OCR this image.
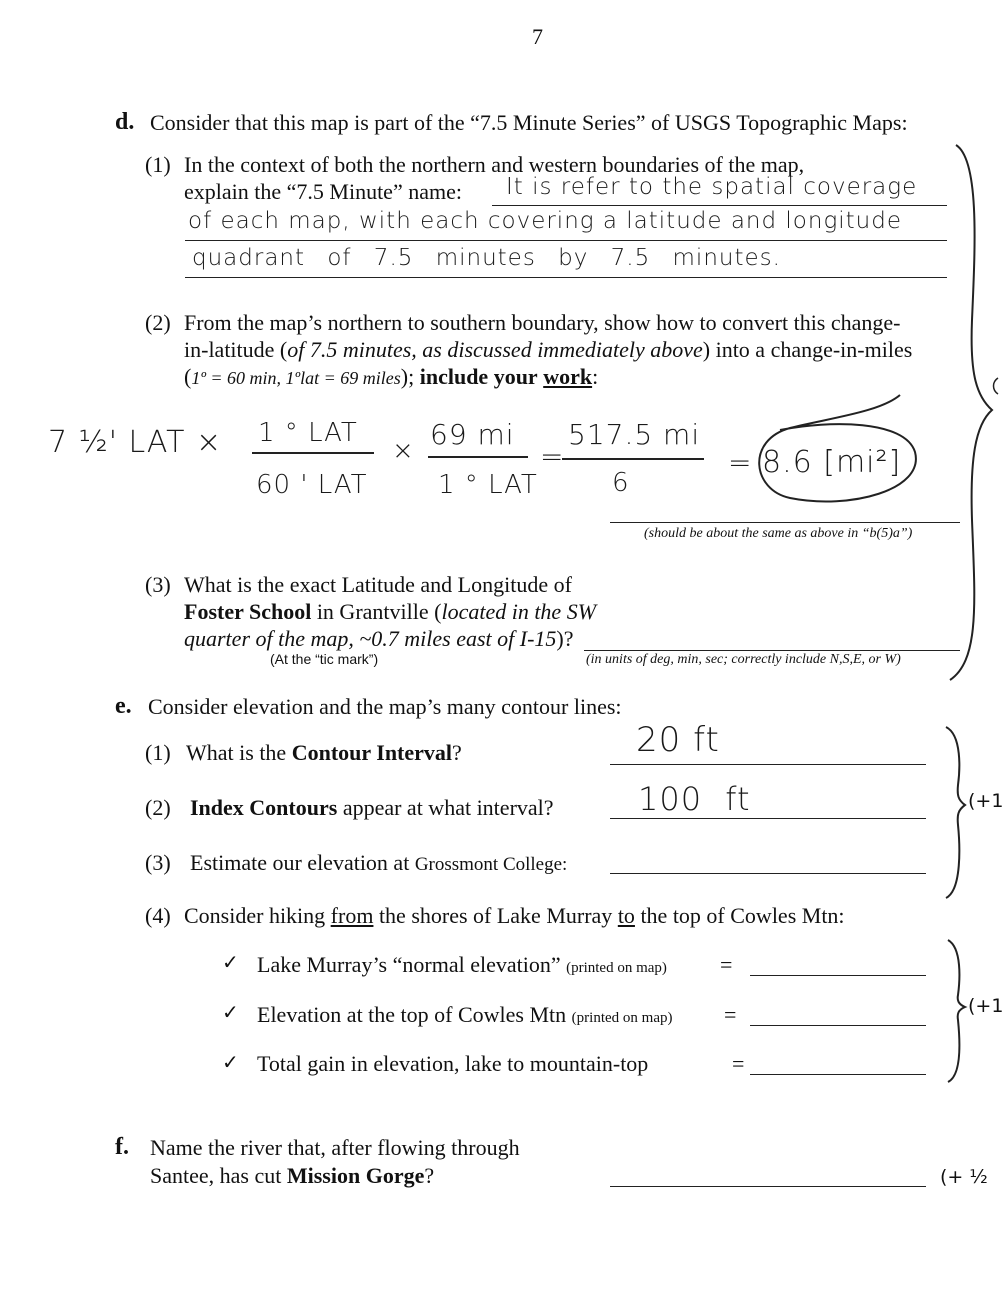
7
d. Consider that this map is part of the “7.5 Minute Series” of USGS Topographic Maps:
(1) In the context of both the northern and western boundaries of the map,
explain the “7.5 Minute” name: It is refer to the spatial coverage
of each map, with each covering a latitude and longitude
quadrant of 7.5 minutes by 7.5 minutes.
(2) From the map’s northern to southern boundary, show how to convert this change-
in-latitude (of 7.5 minutes, as discussed immediately above) into a change-in-miles
(1º = 60 min, 1ºlat = 69 miles); include your work:
7 ½' LAT × 1 ° LAT
60 ' LAT
× 69 mi
1 ° LAT
=
517.5 mi
6
= 8.6 [mi²]
(should be about the same as above in “b(5)a”)
(3) What is the exact Latitude and Longitude of
Foster School in Grantville (located in the SW
quarter of the map, ~0.7 miles east of I-15)?
(At the “tic mark”)	(in units of deg, min, sec; correctly include N,S,E, or W)
e. Consider elevation and the map’s many contour lines:
(1) What is the Contour Interval?	20 ft
(2) Index Contours appear at what interval?	100 ft
(3) Estimate our elevation at Grossmont College:
(+1
(4) Consider hiking from the shores of Lake Murray to the top of Cowles Mtn:
✓ Lake Murray’s “normal elevation” (printed on map) =
✓ Elevation at the top of Cowles Mtn (printed on map) =
✓ Total gain in elevation, lake to mountain-top	=
(+1
f. Name the river that, after flowing through
Santee, has cut Mission Gorge?	(+ ½
